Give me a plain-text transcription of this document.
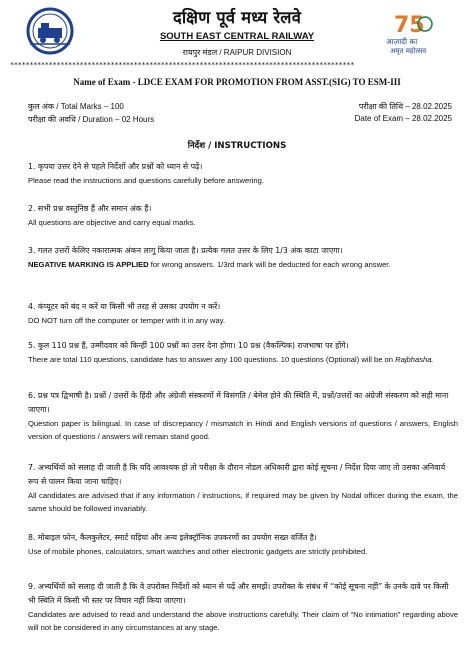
75
आज़ादी का
अमृत महोत्सव
दक्षिण पूर्व मध्य रेलवे
SOUTH EAST CENTRAL RAILWAY
रायपुर मंडल / RAIPUR DIVISION
*****************************************************************************************
Name of Exam - LDCE EXAM FOR PROMOTION FROM ASST.(SIG) TO ESM-III
कुल अंक / Total Marks – 100
परीक्षा की अवधि / Duration – 02 Hours
परीक्षा की तिथि – 28.02.2025
Date of Exam – 28.02.2025
निर्देश / INSTRUCTIONS
1. कृपया उत्तर देने से पहले निर्देशों और प्रश्नों को ध्यान से पढ़ें।
Please read the instructions and questions carefully before answering.
2. सभी प्रश्न वस्तुनिष्ठ हैं और समान अंक हैं।
All questions are objective and carry equal marks.
3. गलत उत्तरों केलिए नकारात्मक अंकन लागू किया जाता है। प्रत्येक गलत उत्तर के लिए 1/3 अंक काटा जाएगा।
NEGATIVE MARKING IS APPLIED for wrong answers. 1/3rd mark will be deducted for each wrong answer.
4. कंप्यूटर को बंद न करें या किसी भी तरह से उसका उपयोग न करें।
DO NOT turn off the computer or temper with it in any way.
5. कुल 110 प्रश्न हैं, उम्मीदवार को किन्हीं 100 प्रश्नों का उत्तर देना होगा। 10 प्रश्न (वैकल्पिक) राजभाषा पर होंगे।
There are total 110 questions, candidate has to answer any 100 questions. 10 questions (Optional) will be on Rajbhasha.
6. प्रश्न पत्र द्विभाषी है। प्रश्नों / उत्तरों के हिंदी और अंग्रेजी संस्करणों में विसंगति / बेमेल होने की स्थिति में, प्रश्नों/उत्तरों का अंग्रेजी संस्करण को सही माना जाएगा।
Question paper is bilingual. In case of discrepancy / mismatch in Hindi and English versions of questions / answers, English version of questions / answers will remain stand good.
7. अभ्यर्थियों को सलाह दी जाती है कि यदि आवश्यक हो तो परीक्षा के दौरान नोडल अधिकारी द्वारा कोई सूचना / निर्देश दिया जाए तो उसका अनिवार्य रूप से पालन किया जाना चाहिए।
All candidates are advised that if any information / instructions, if required may be given by Nodal officer during the exam, the same should be followed invariably.
8. मोबाइल फोन, कैलकुलेटर, स्मार्ट घड़ियां और अन्य इलेक्ट्रॉनिक उपकरणों का उपयोग सख्त वर्जित है।
Use of mobile phones, calculators, smart watches and other electronic gadgets are strictly prohibited.
9. अभ्यर्थियों को सलाह दी जाती है कि वे उपरोक्त निर्देशों को ध्यान से पढ़ें और समझें। उपरोक्त के संबंध में “कोई सूचना नहीं” के उनके दावे पर किसी भी स्थिति में किसी भी स्तर पर विचार नहीं किया जाएगा।
Candidates are advised to read and understand the above instructions carefully. Their claim of “No intimation” regarding above will not be considered in any circumstances at any stage.
